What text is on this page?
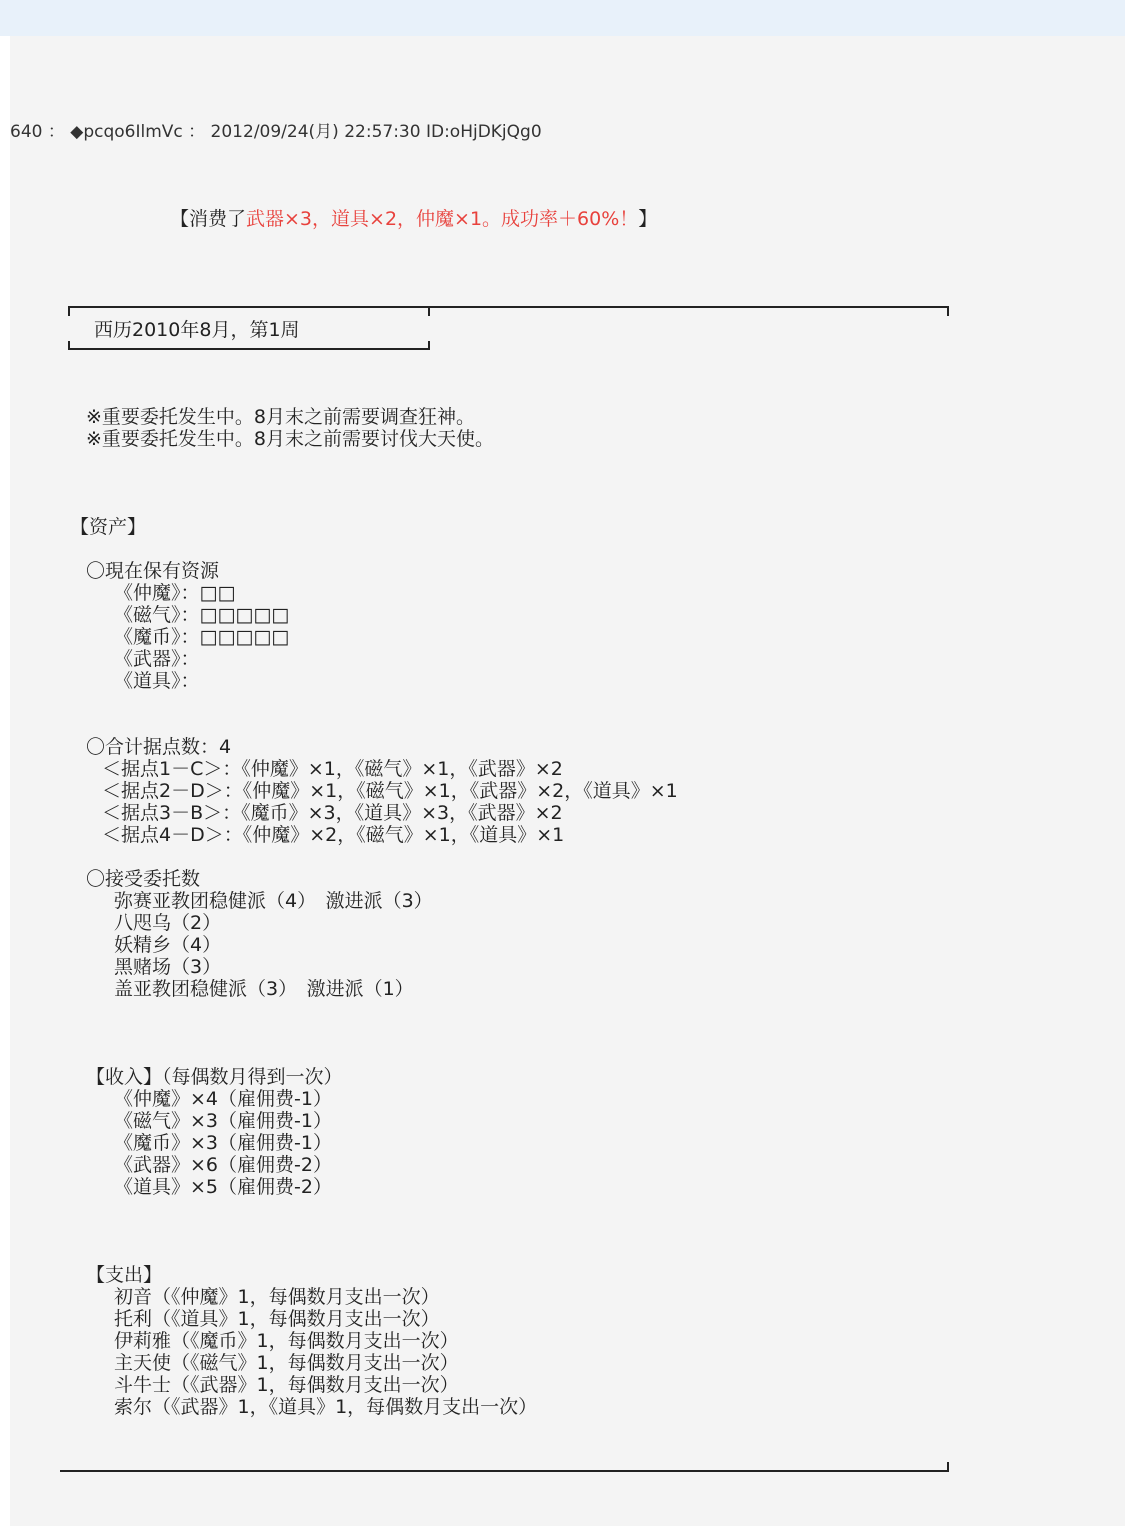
640 ： ◆pcqo6IlmVc ： 2012/09/24(月) 22:57:30 ID:oHjDKjQg0
【消费了武器×3，道具×2，仲魔×1。成功率＋60%！】
西历2010年8月，第1周
※重要委托发生中。8月末之前需要调查狂神。
※重要委托发生中。8月末之前需要讨伐大天使。
【资产】
〇現在保有资源
《仲魔》：□□
《磁气》：□□□□□
《魔币》：□□□□□
《武器》：
《道具》：
〇合计据点数：4
＜据点1－C＞：《仲魔》×1，《磁气》×1，《武器》×2
＜据点2－D＞：《仲魔》×1，《磁气》×1，《武器》×2，《道具》×1
＜据点3－B＞：《魔币》×3，《道具》×3，《武器》×2
＜据点4－D＞：《仲魔》×2，《磁气》×1，《道具》×1
〇接受委托数
弥赛亚教团稳健派（4）　激进派（3）
八咫乌（2）
妖精乡（4）
黑赌场（3）
盖亚教团稳健派（3）　激进派（1）
【收入】（每偶数月得到一次）
《仲魔》×4（雇佣费-1）
《磁气》×3（雇佣费-1）
《魔币》×3（雇佣费-1）
《武器》×6（雇佣费-2）
《道具》×5（雇佣费-2）
【支出】
初音（《仲魔》1，每偶数月支出一次）
托利（《道具》1，每偶数月支出一次）
伊莉雅（《魔币》1，每偶数月支出一次）
主天使（《磁气》1，每偶数月支出一次）
斗牛士（《武器》1，每偶数月支出一次）
索尔（《武器》1，《道具》1，每偶数月支出一次）
